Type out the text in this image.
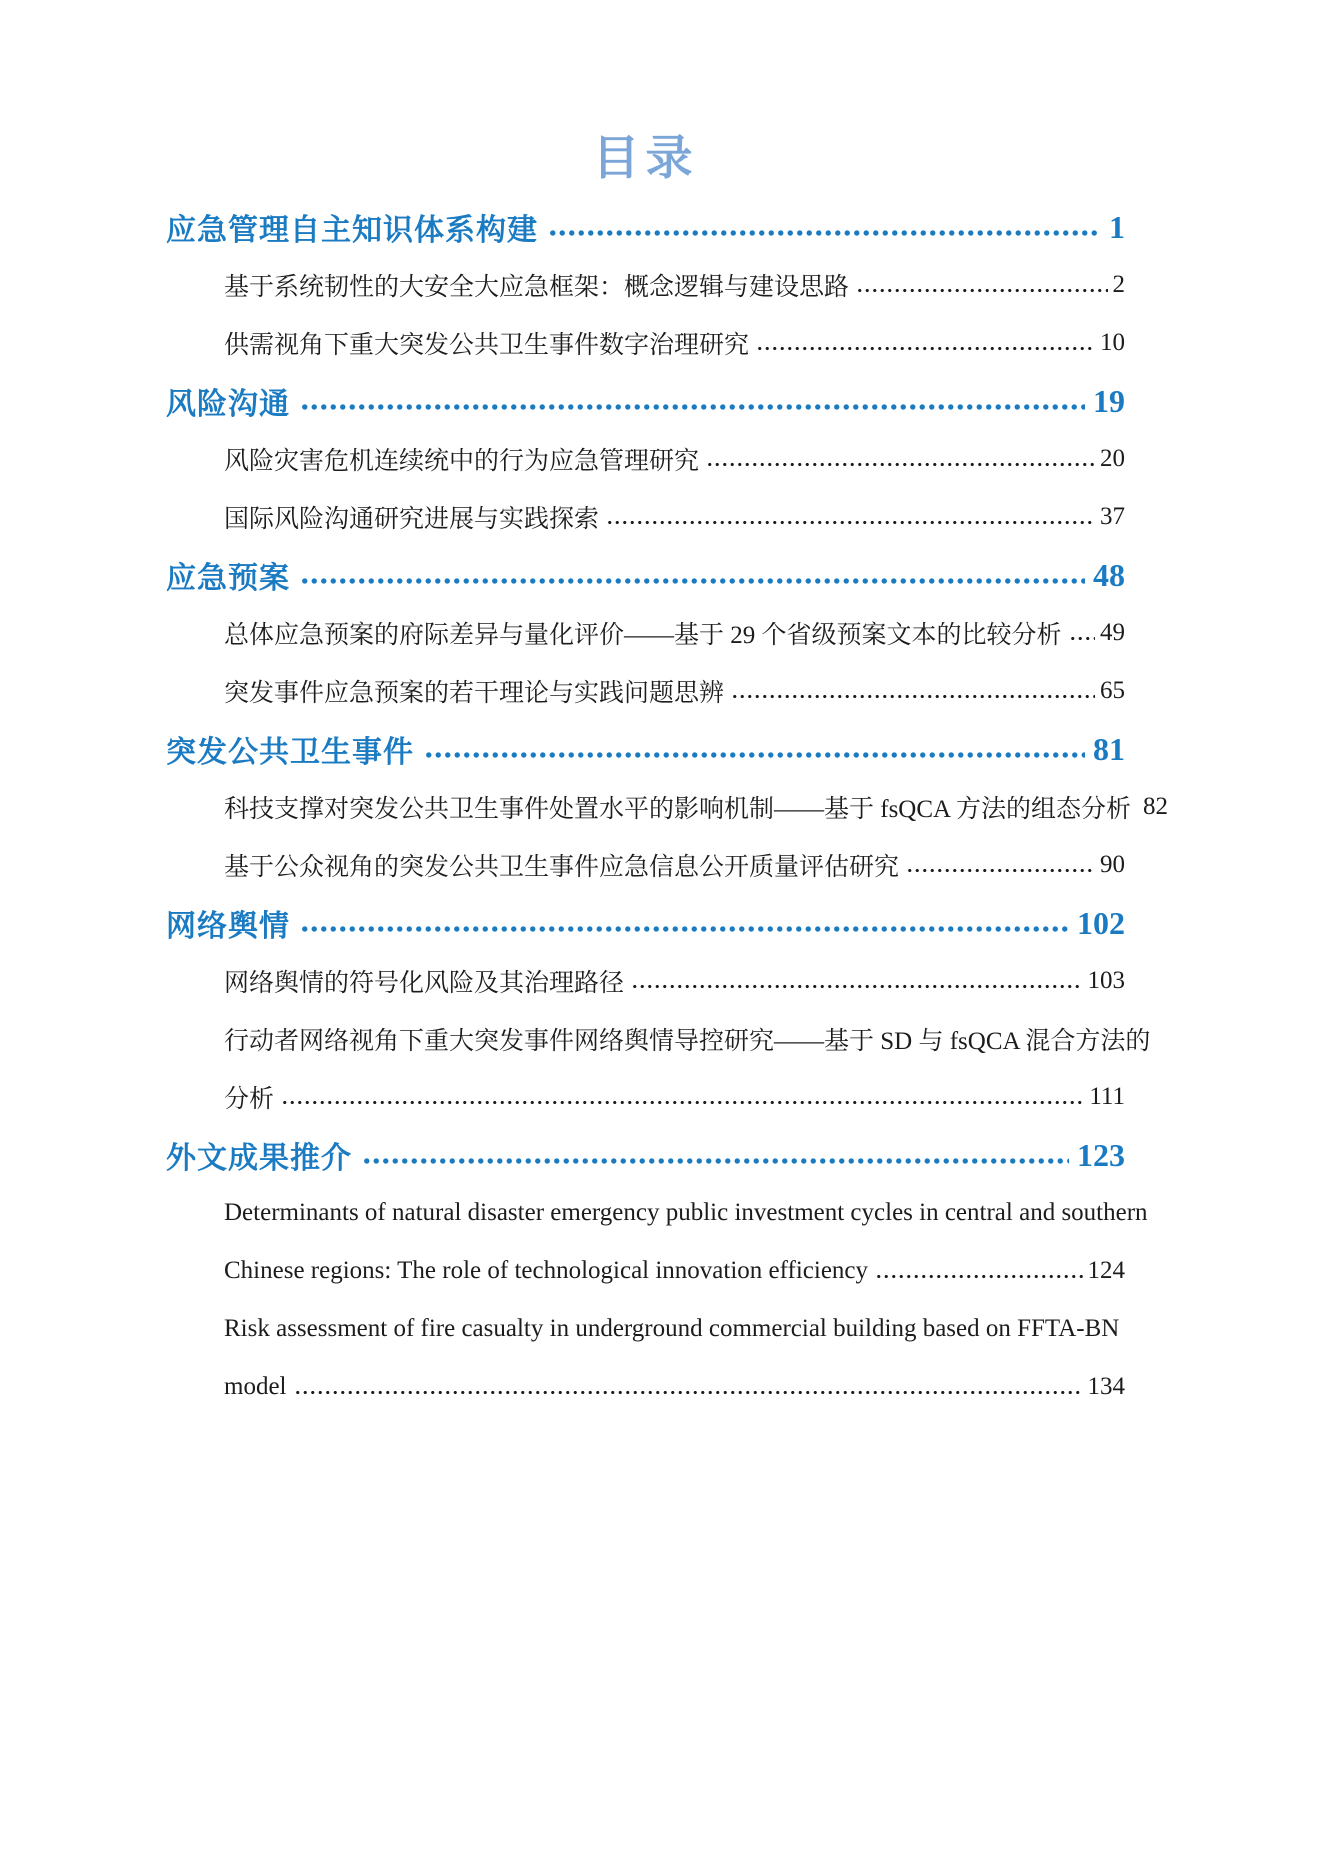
目录
应急管理自主知识体系构建	1
基于系统韧性的大安全大应急框架：概念逻辑与建设思路	2
供需视角下重大突发公共卫生事件数字治理研究	10
风险沟通	19
风险灾害危机连续统中的行为应急管理研究	20
国际风险沟通研究进展与实践探索	37
应急预案	48
总体应急预案的府际差异与量化评价——基于 29 个省级预案文本的比较分析 49
突发事件应急预案的若干理论与实践问题思辨	65
突发公共卫生事件	81
科技支撑对突发公共卫生事件处置水平的影响机制——基于 fsQCA 方法的组态分析 82
基于公众视角的突发公共卫生事件应急信息公开质量评估研究	90
网络舆情	102
网络舆情的符号化风险及其治理路径	103
行动者网络视角下重大突发事件网络舆情导控研究——基于 SD 与 fsQCA 混合方法的
分析	111
外文成果推介	123
Determinants of natural disaster emergency public investment cycles in central and southern
Chinese regions: The role of technological innovation efficiency	124
Risk assessment of fire casualty in underground commercial building based on FFTA-BN
model	134
